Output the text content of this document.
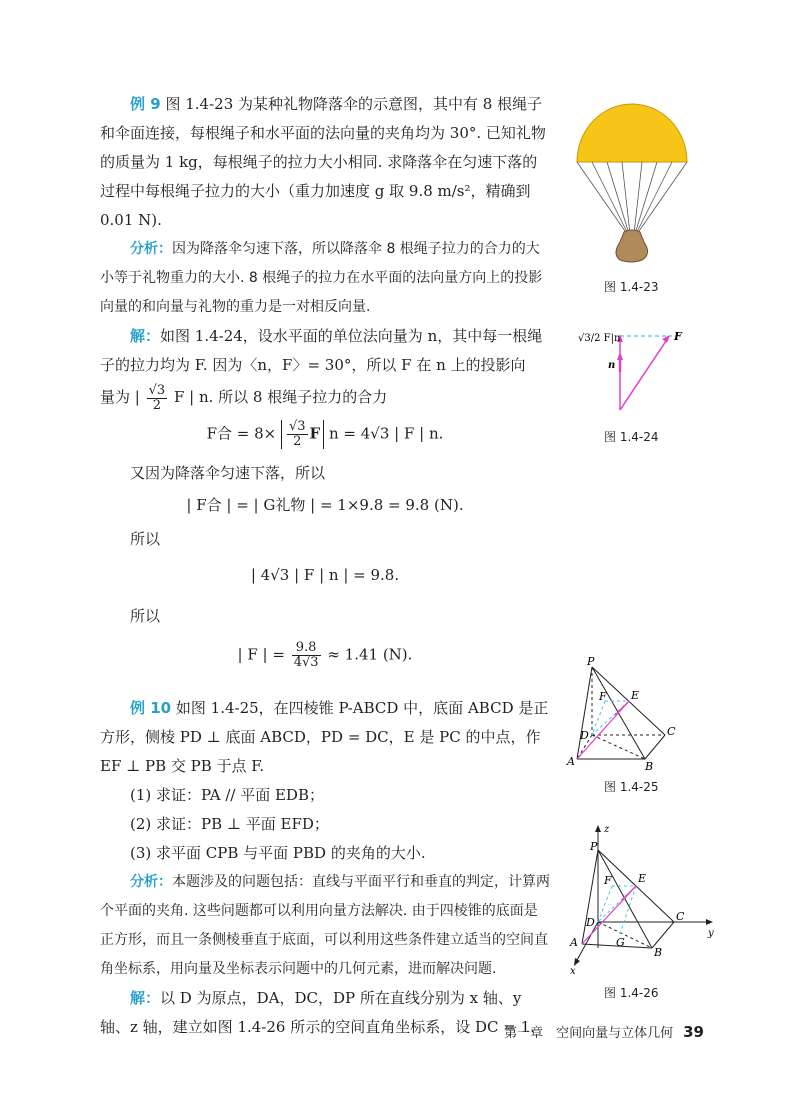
例 9 图 1.4-23 为某种礼物降落伞的示意图，其中有 8 根绳子和伞面连接，每根绳子和水平面的法向量的夹角均为 30°. 已知礼物的质量为 1 kg，每根绳子的拉力大小相同. 求降落伞在匀速下落的过程中每根绳子拉力的大小（重力加速度 g 取 9.8 m/s²，精确到 0.01 N).

分析：因为降落伞匀速下落，所以降落伞 8 根绳子拉力的合力的大小等于礼物重力的大小. 8 根绳子的拉力在水平面的法向量方向上的投影向量的和向量与礼物的重力是一对相反向量.

解：如图 1.4-24，设水平面的单位法向量为 n，其中每一根绳子的拉力均为 F. 因为〈n，F〉= 30°，所以 F 在 n 上的投影向

量为 | $\frac{√3}{2}$ F | n. 所以 8 根绳子拉力的合力

F合 = $8\times \frac{√3}{2}$ F n = 4√3 | F | n.

又因为降落伞匀速下落，所以

| F合 | = | G礼物 | = 1×9.8 = 9.8 (N).

所以

| 4√3 | F | n | = 9.8.

所以

| F | = $\frac{9.8}{4√3} \approx 1.41$ (N).

例 10 如图 1.4-25，在四棱锥 P-ABCD 中，底面 ABCD 是正方形，侧棱 PD ⊥ 底面 ABCD，PD = DC，E 是 PC 的中点，作 EF ⊥ PB 交 PB 于点 F.

(1) 求证：PA // 平面 EDB；

(2) 求证：PB ⊥ 平面 EFD；

(3) 求平面 CPB 与平面 PBD 的夹角的大小.

分析：本题涉及的问题包括：直线与平面平行和垂直的判定，计算两个平面的夹角. 这些问题都可以利用向量方法解决. 由于四棱锥的底面是正方形，而且一条侧棱垂直于底面，可以利用这些条件建立适当的空间直角坐标系，用向量及坐标表示问题中的几何元素，进而解决问题.

解：以 D 为原点，DA，DC，DP 所在直线分别为 x 轴、y 轴、z 轴，建立如图 1.4-26 所示的空间直角坐标系，设 DC = 1.

图 1.4-23
√3/2 F|n
n
F
图 1.4-24
P
F E
D	C
A	B
图 1.4-25
z
P
F E
D	C
A	G
B
x
y
图 1.4-26
第一章　空间向量与立体几何 39
